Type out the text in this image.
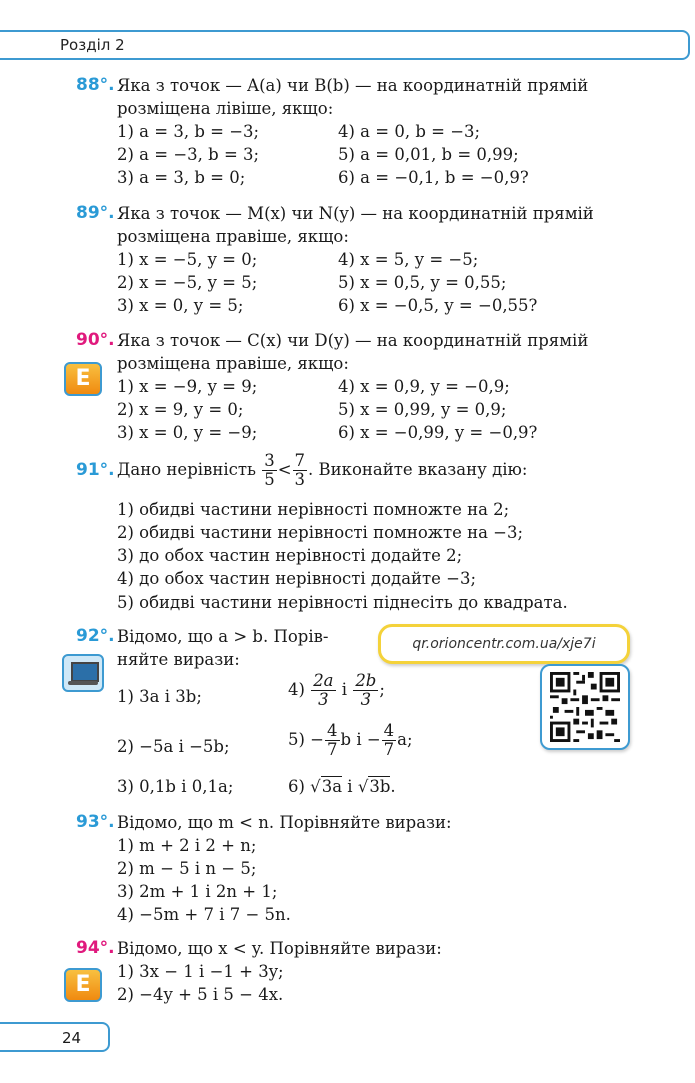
Розділ 2
88°. Яка з точок — A(a) чи B(b) — на координатній прямій
розміщена лівіше, якщо:
1) a = 3, b = −3;
2) a = −3, b = 3;
3) a = 3, b = 0;
4) a = 0, b = −3;
5) a = 0,01, b = 0,99;
6) a = −0,1, b = −0,9?
89°. Яка з точок — M(x) чи N(y) — на координатній прямій
розміщена правіше, якщо:
1) x = −5, y = 0;
2) x = −5, y = 5;
3) x = 0, y = 5;
4) x = 5, y = −5;
5) x = 0,5, y = 0,55;
6) x = −0,5, y = −0,55?
90°.
E
Яка з точок — C(x) чи D(y) — на координатній прямій
розміщена правіше, якщо:
1) x = −9, y = 9;
2) x = 9, y = 0;
3) x = 0, y = −9;
4) x = 0,9, y = −0,9;
5) x = 0,99, y = 0,9;
6) x = −0,99, y = −0,9?
91°. Дано нерівність $\frac{3}{5} < \frac{7}{3}$ . Виконайте вказану дію:
1) обидві частини нерівності помножте на 2;
2) обидві частини нерівності помножте на −3;
3) до обох частин нерівності додайте 2;
4) до обох частин нерівності додайте −3;
5) обидві частини нерівності піднесіть до квадрата.
92°. Відомо, що a > b. Порів-
няйте вирази:
qr.orioncentr.com.ua/xje7i
1) 3a і 3b;	$4) \frac{2a}{3}$ і $\frac{2b}{3}$ ;
2) −5a і −5b;	$5) - \frac{4}{7}$ b $і - \frac{4}{7} a$;
3) 0,1b і 0,1a;	6) √3a і √3b.
93°. Відомо, що m < n. Порівняйте вирази:
1) m + 2 і 2 + n;
2) m − 5 і n − 5;
3) 2m + 1 і 2n + 1;
4) −5m + 7 і 7 − 5n.
94°.
E
Відомо, що x < y. Порівняйте вирази:
1) 3x − 1 і −1 + 3y;
2) −4y + 5 і 5 − 4x.
24
